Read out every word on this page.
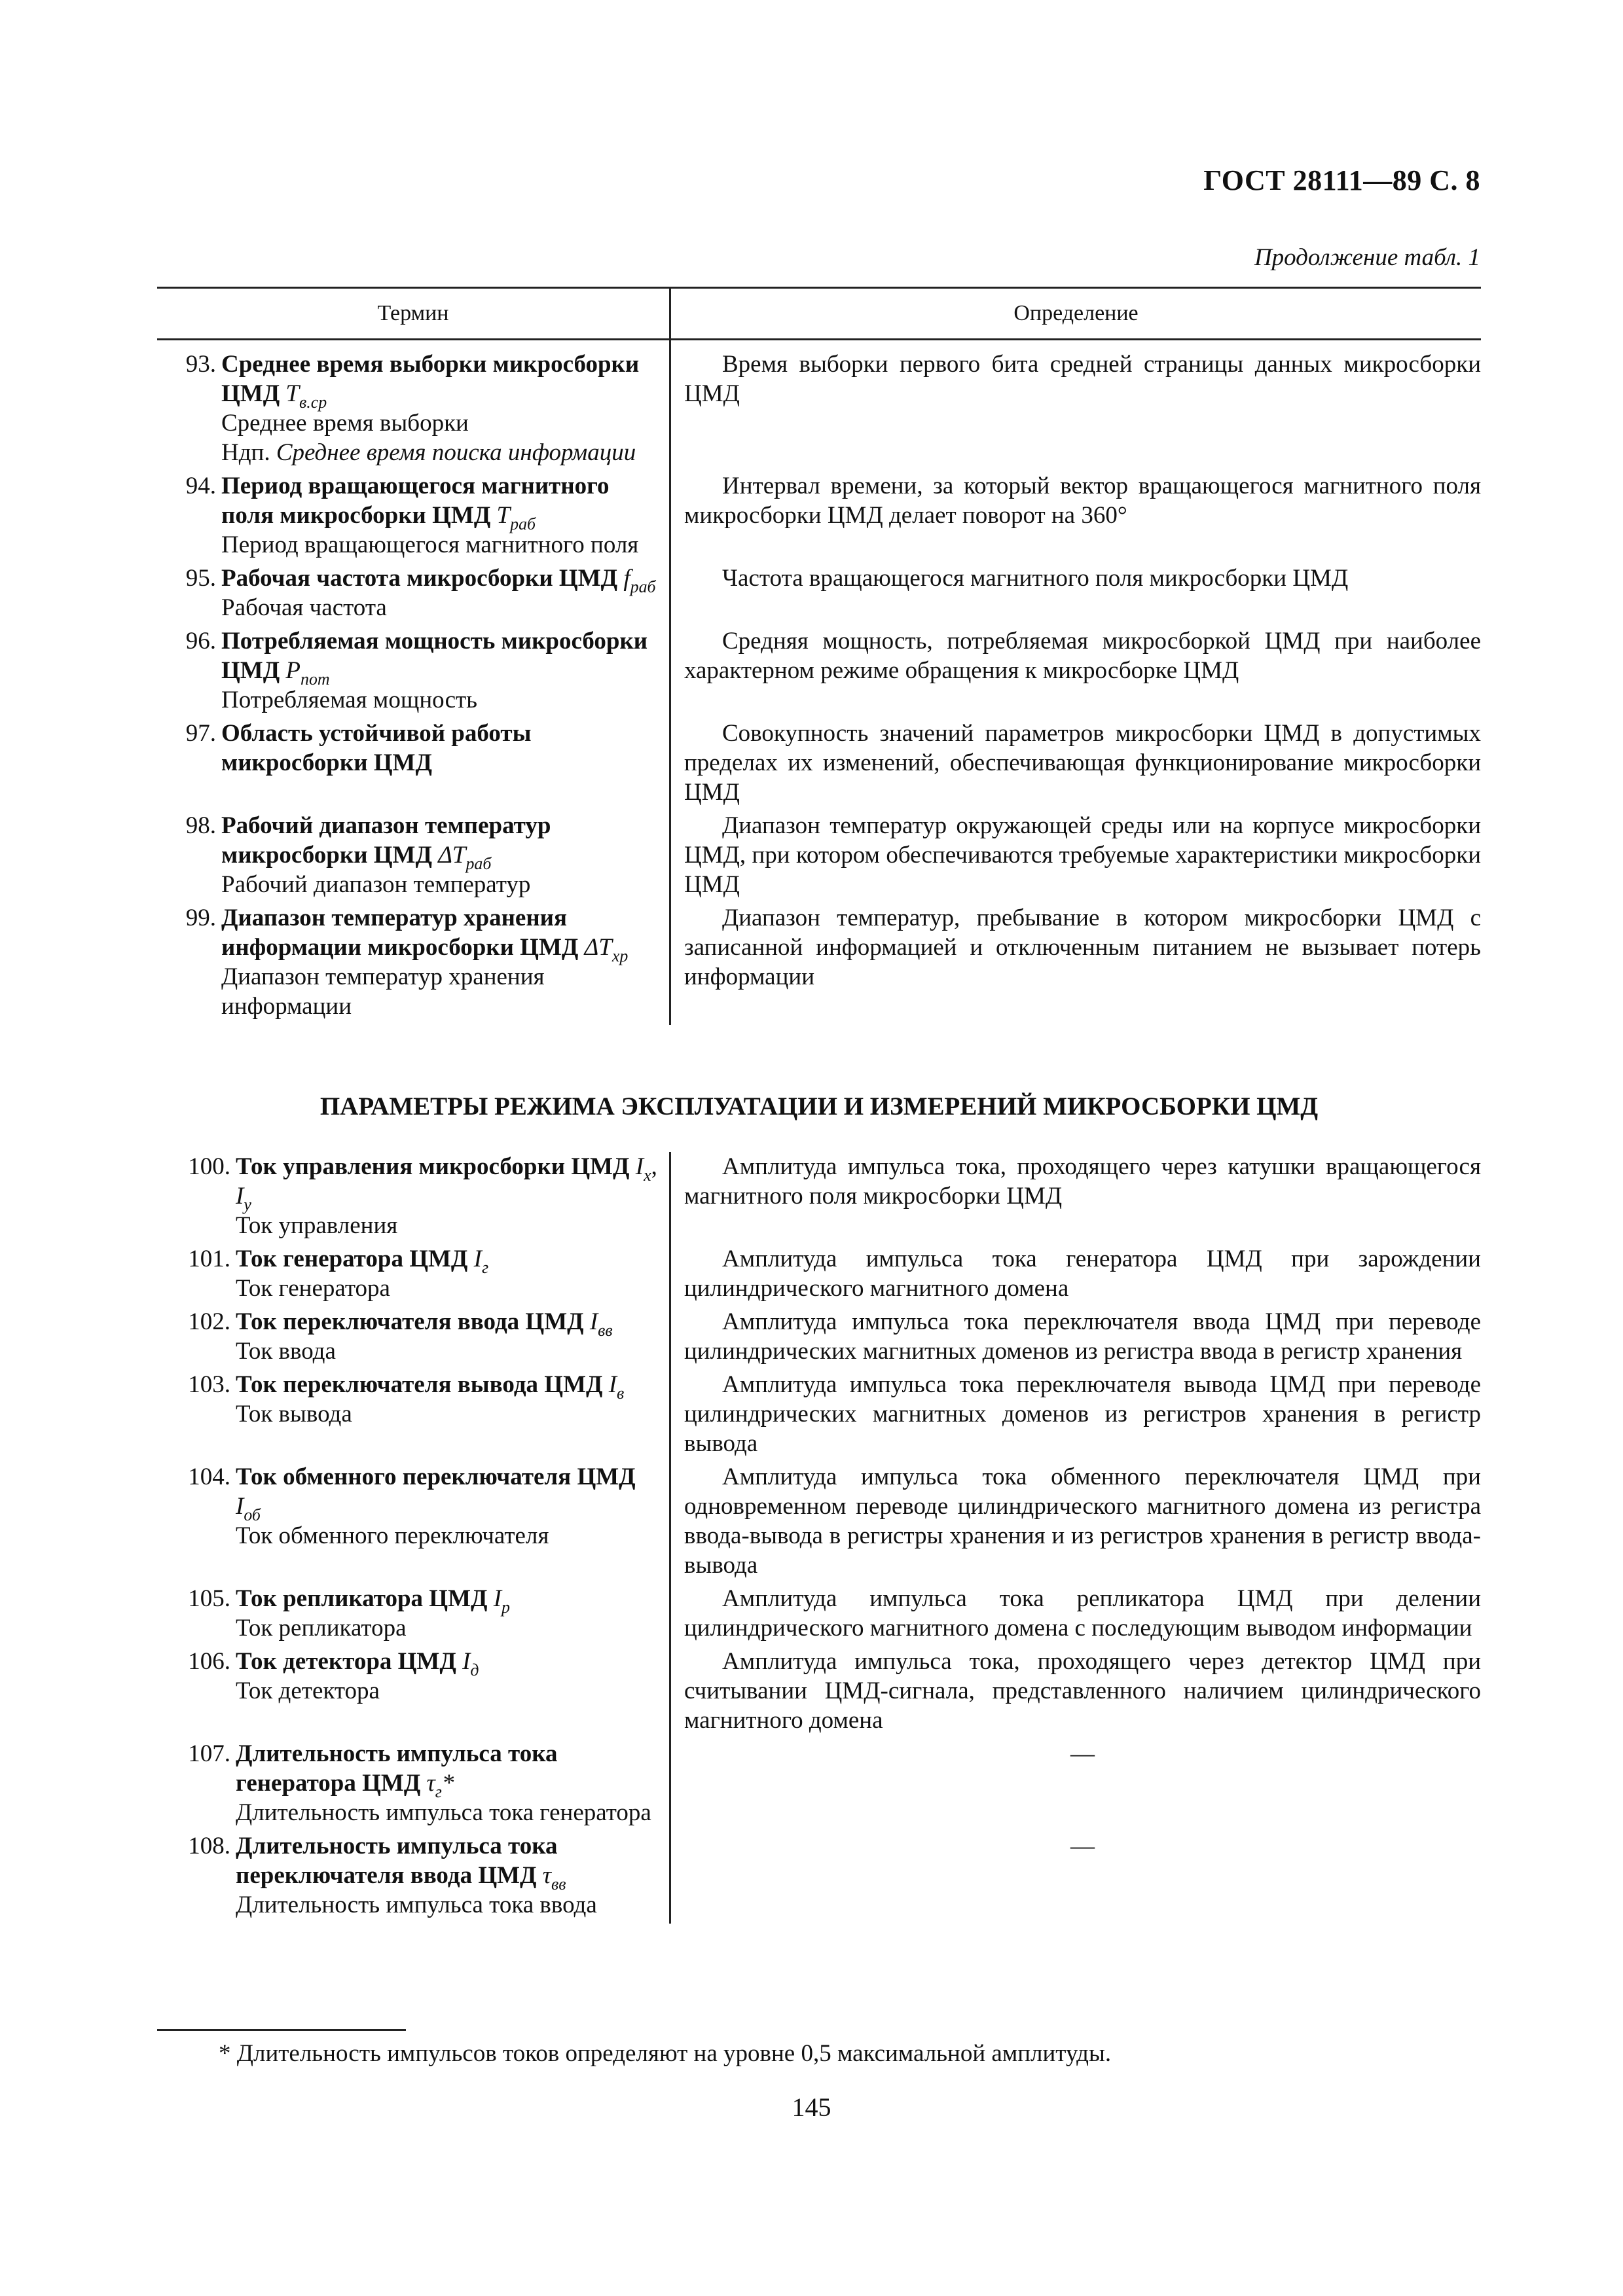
ГОСТ 28111—89 С. 8
Продолжение табл. 1
Термин	Определение
93. Среднее время выборки микросборки ЦМД $T_{в.ср}$
Среднее время выборки
Ндп. Среднее время поиска информации

Время выборки первого бита средней страницы данных микросборки ЦМД

94. Период вращающегося магнитного поля микросборки ЦМД $T_{раб}$
Период вращающегося магнитного поля

Интервал времени, за который вектор вращающегося магнитного поля микросборки ЦМД делает поворот на 360°

95. Рабочая частота микросборки ЦМД $f_{раб}$
Рабочая частота

Частота вращающегося магнитного поля микросборки ЦМД

96. Потребляемая мощность микросборки ЦМД $P_{пот}$
Потребляемая мощность

Средняя мощность, потребляемая микросборкой ЦМД при наиболее характерном режиме обращения к микросборке ЦМД

97. Область устойчивой работы микросборки ЦМД

Совокупность значений параметров микросборки ЦМД в допустимых пределах их изменений, обеспечивающая функционирование микросборки ЦМД

98. Рабочий диапазон температур микросборки ЦМД $\Delta T_{раб}$
Рабочий диапазон температур

Диапазон температур окружающей среды или на корпусе микросборки ЦМД, при котором обеспечиваются требуемые характеристики микросборки ЦМД

99. Диапазон температур хранения информации микросборки ЦМД $\Delta T_{хр}$
Диапазон температур хранения информации

Диапазон температур, пребывание в котором микросборки ЦМД с записанной информацией и отключенным питанием не вызывает потерь информации

ПАРАМЕТРЫ РЕЖИМА ЭКСПЛУАТАЦИИ И ИЗМЕРЕНИЙ МИКРОСБОРКИ ЦМД
100. Ток управления микросборки ЦМД $I_x$, $I_y$
Ток управления

Амплитуда импульса тока, проходящего через катушки вращающегося магнитного поля микросборки ЦМД

101. Ток генератора ЦМД $I_г$
Ток генератора

Амплитуда импульса тока генератора ЦМД при зарождении цилиндрического магнитного домена

102. Ток переключателя ввода ЦМД $I_{вв}$
Ток ввода

Амплитуда импульса тока переключателя ввода ЦМД при переводе цилиндрических магнитных доменов из регистра ввода в регистр хранения

103. Ток переключателя вывода ЦМД $I_в$
Ток вывода

Амплитуда импульса тока переключателя вывода ЦМД при переводе цилиндрических магнитных доменов из регистров хранения в регистр вывода

104. Ток обменного переключателя ЦМД $I_{об}$
Ток обменного переключателя

Амплитуда импульса тока обменного переключателя ЦМД при одновременном переводе цилиндрического магнитного домена из регистра ввода-вывода в регистры хранения и из регистров хранения в регистр ввода-вывода

105. Ток репликатора ЦМД $I_р$
Ток репликатора

Амплитуда импульса тока репликатора ЦМД при делении цилиндрического магнитного домена с последующим выводом информации

106. Ток детектора ЦМД $I_д$
Ток детектора

Амплитуда импульса тока, проходящего через детектор ЦМД при считывании ЦМД-сигнала, представленного наличием цилиндрического магнитного домена

107. Длительность импульса тока генератора ЦМД $\tau_г*$
Длительность импульса тока генератора

—

108. Длительность импульса тока переключателя ввода ЦМД $\tau_{вв}$
Длительность импульса тока ввода

—

* Длительность импульсов токов определяют на уровне 0,5 максимальной амплитуды.
145
